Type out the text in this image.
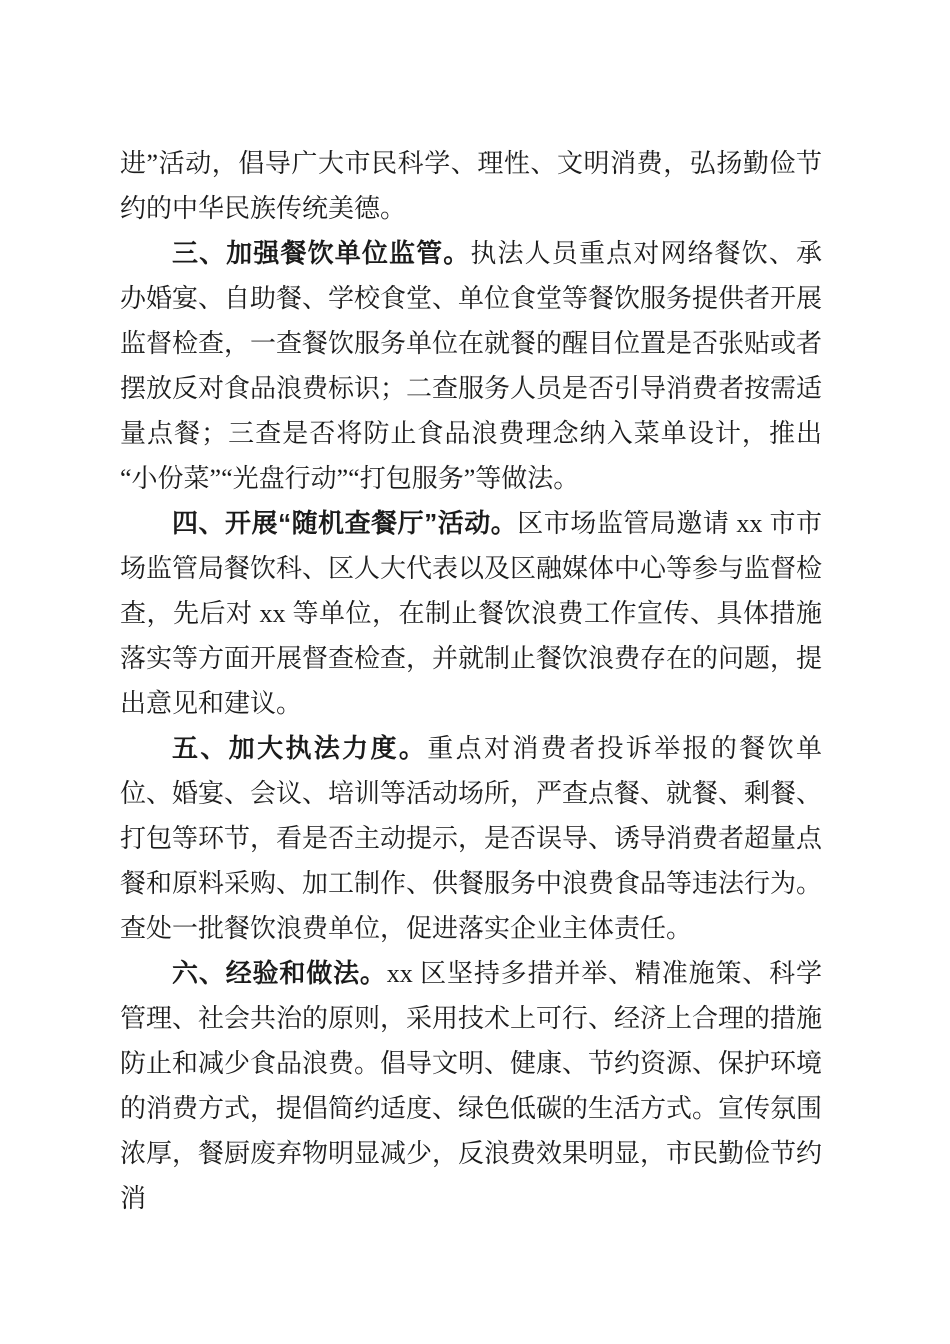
进”活动，倡导广大市民科学、理性、文明消费，弘扬勤俭节约的中华民族传统美德。

三、加强餐饮单位监管。执法人员重点对网络餐饮、承办婚宴、自助餐、学校食堂、单位食堂等餐饮服务提供者开展监督检查，一查餐饮服务单位在就餐的醒目位置是否张贴或者摆放反对食品浪费标识；二查服务人员是否引导消费者按需适量点餐；三查是否将防止食品浪费理念纳入菜单设计，推出“小份菜”“光盘行动”“打包服务”等做法。

四、开展“随机查餐厅”活动。区市场监管局邀请 xx 市市场监管局餐饮科、区人大代表以及区融媒体中心等参与监督检查，先后对 xx 等单位，在制止餐饮浪费工作宣传、具体措施落实等方面开展督查检查，并就制止餐饮浪费存在的问题，提出意见和建议。

五、加大执法力度。重点对消费者投诉举报的餐饮单位、婚宴、会议、培训等活动场所，严查点餐、就餐、剩餐、打包等环节，看是否主动提示，是否误导、诱导消费者超量点餐和原料采购、加工制作、供餐服务中浪费食品等违法行为。查处一批餐饮浪费单位，促进落实企业主体责任。

六、经验和做法。xx 区坚持多措并举、精准施策、科学管理、社会共治的原则，采用技术上可行、经济上合理的措施防止和减少食品浪费。倡导文明、健康、节约资源、保护环境的消费方式，提倡简约适度、绿色低碳的生活方式。宣传氛围浓厚，餐厨废弃物明显减少，反浪费效果明显，市民勤俭节约消
